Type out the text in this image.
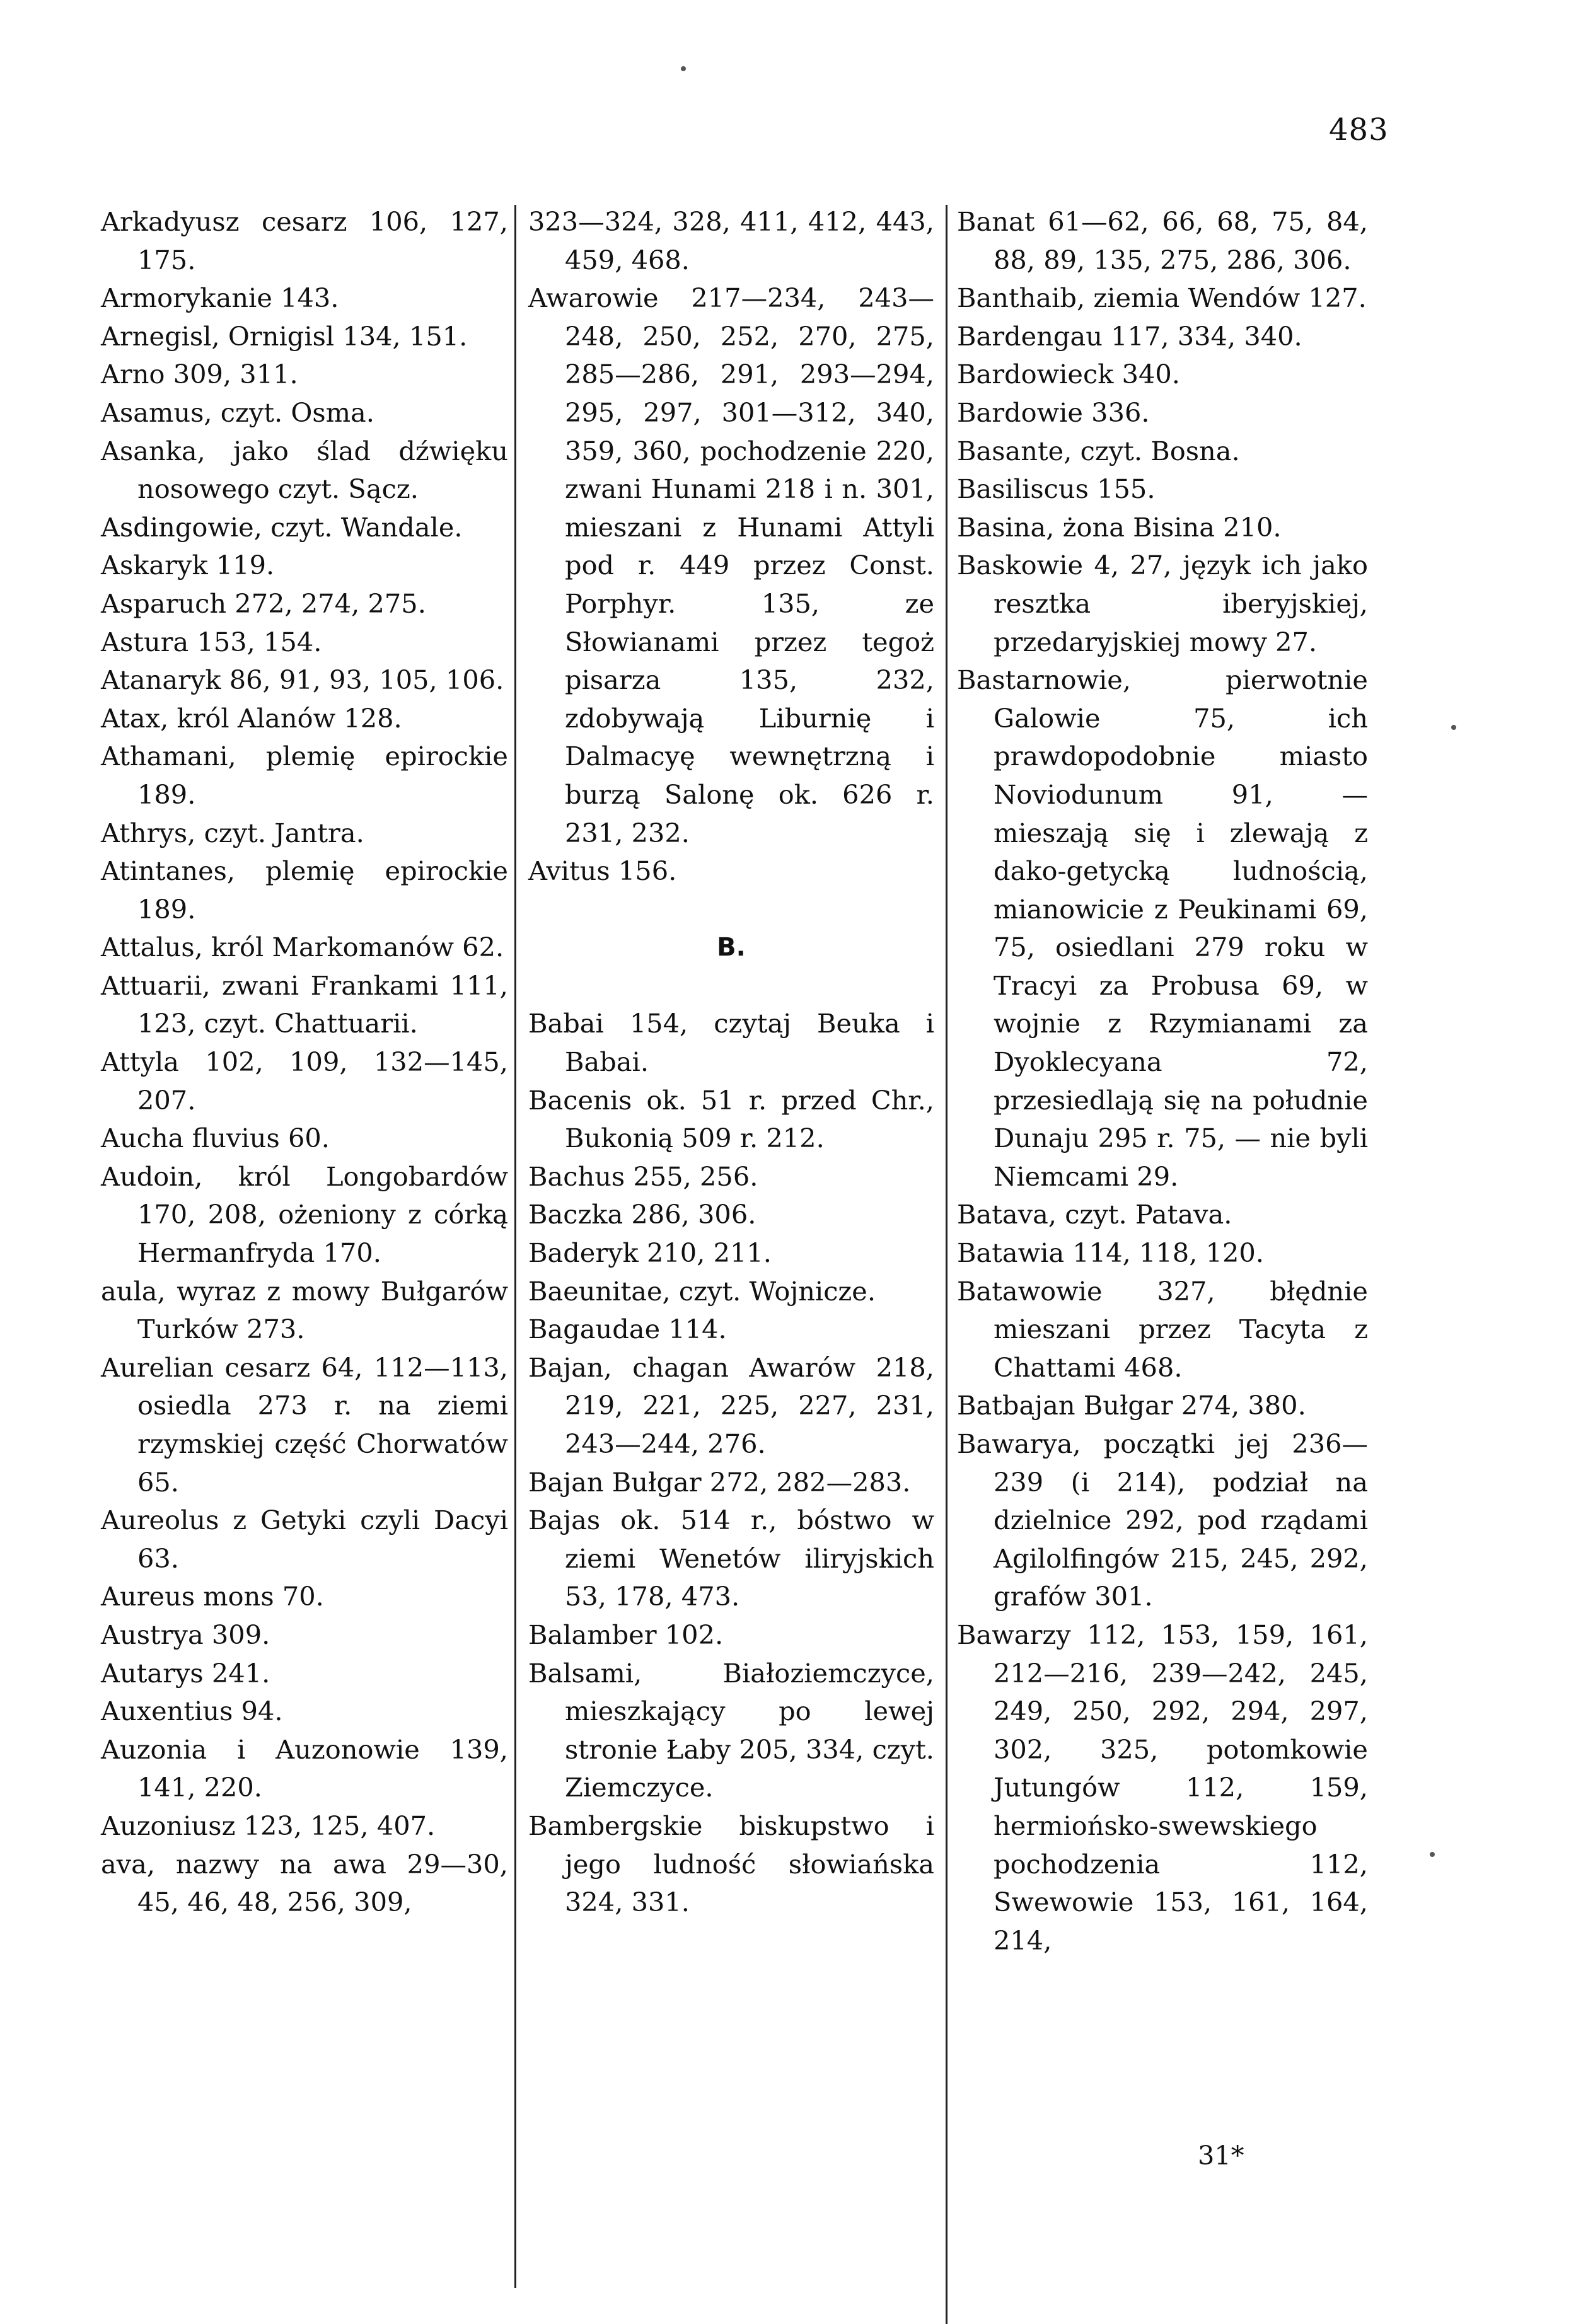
483

Arkadyusz cesarz 106, 127, 175.

Armorykanie 143.

Arnegisl, Ornigisl 134, 151.

Arno 309, 311.

Asamus, czyt. Osma.

Asanka, jako ślad dźwięku nosowego czyt. Sącz.

Asdingowie, czyt. Wandale.

Askaryk 119.

Asparuch 272, 274, 275.

Astura 153, 154.

Atanaryk 86, 91, 93, 105, 106.

Atax, król Alanów 128.

Athamani, plemię epirockie 189.

Athrys, czyt. Jantra.

Atintanes, plemię epirockie 189.

Attalus, król Markomanów 62.

Attuarii, zwani Frankami 111, 123, czyt. Chattuarii.

Attyla 102, 109, 132—145, 207.

Aucha fluvius 60.

Audoin, król Longobardów 170, 208, ożeniony z córką Hermanfryda 170.

aula, wyraz z mowy Bułgarów Turków 273.

Aurelian cesarz 64, 112—113, osiedla 273 r. na ziemi rzymskiej część Chorwatów 65.

Aureolus z Getyki czyli Dacyi 63.

Aureus mons 70.

Austrya 309.

Autarys 241.

Auxentius 94.

Auzonia i Auzonowie 139, 141, 220.

Auzoniusz 123, 125, 407.

ava, nazwy na awa 29—30, 45, 46, 48, 256, 309,

323—324, 328, 411, 412, 443, 459, 468.

Awarowie 217—234, 243—248, 250, 252, 270, 275, 285—286, 291, 293—294, 295, 297, 301—312, 340, 359, 360, pochodzenie 220, zwani Hunami 218 i n. 301, mieszani z Hunami Attyli pod r. 449 przez Const. Porphyr. 135, ze Słowianami przez tegoż pisarza 135, 232, zdobywają Liburnię i Dalmacyę wewnętrzną i burzą Salonę ok. 626 r. 231, 232.

Avitus 156.

B.

Babai 154, czytaj Beuka i Babai.

Bacenis ok. 51 r. przed Chr., Bukonią 509 r. 212.

Bachus 255, 256.

Baczka 286, 306.

Baderyk 210, 211.

Baeunitae, czyt. Wojnicze.

Bagaudae 114.

Bajan, chagan Awarów 218, 219, 221, 225, 227, 231, 243—244, 276.

Bajan Bułgar 272, 282—283.

Bajas ok. 514 r., bóstwo w ziemi Wenetów iliryjskich 53, 178, 473.

Balamber 102.

Balsami, Białoziemczyce, mieszkający po lewej stronie Łaby 205, 334, czyt. Ziemczyce.

Bambergskie biskupstwo i jego ludność słowiańska 324, 331.

Banat 61—62, 66, 68, 75, 84, 88, 89, 135, 275, 286, 306.

Banthaib, ziemia Wendów 127.

Bardengau 117, 334, 340.

Bardowieck 340.

Bardowie 336.

Basante, czyt. Bosna.

Basiliscus 155.

Basina, żona Bisina 210.

Baskowie 4, 27, język ich jako resztka iberyjskiej, przedaryjskiej mowy 27.

Bastarnowie, pierwotnie Galowie 75, ich prawdopodobnie miasto Noviodunum 91, — mieszają się i zlewają z dako-getycką ludnością, mianowicie z Peukinami 69, 75, osiedlani 279 roku w Tracyi za Probusa 69, w wojnie z Rzymianami za Dyoklecyana 72, przesiedlają się na południe Dunaju 295 r. 75, — nie byli Niemcami 29.

Batava, czyt. Patava.

Batawia 114, 118, 120.

Batawowie 327, błędnie mieszani przez Tacyta z Chattami 468.

Batbajan Bułgar 274, 380.

Bawarya, początki jej 236—239 (i 214), podział na dzielnice 292, pod rządami Agilolfingów 215, 245, 292, grafów 301.

Bawarzy 112, 153, 159, 161, 212—216, 239—242, 245, 249, 250, 292, 294, 297, 302, 325, potomkowie Jutungów 112, 159, hermiońsko-swewskiego pochodzenia 112, Swewowie 153, 161, 164, 214,

31*
